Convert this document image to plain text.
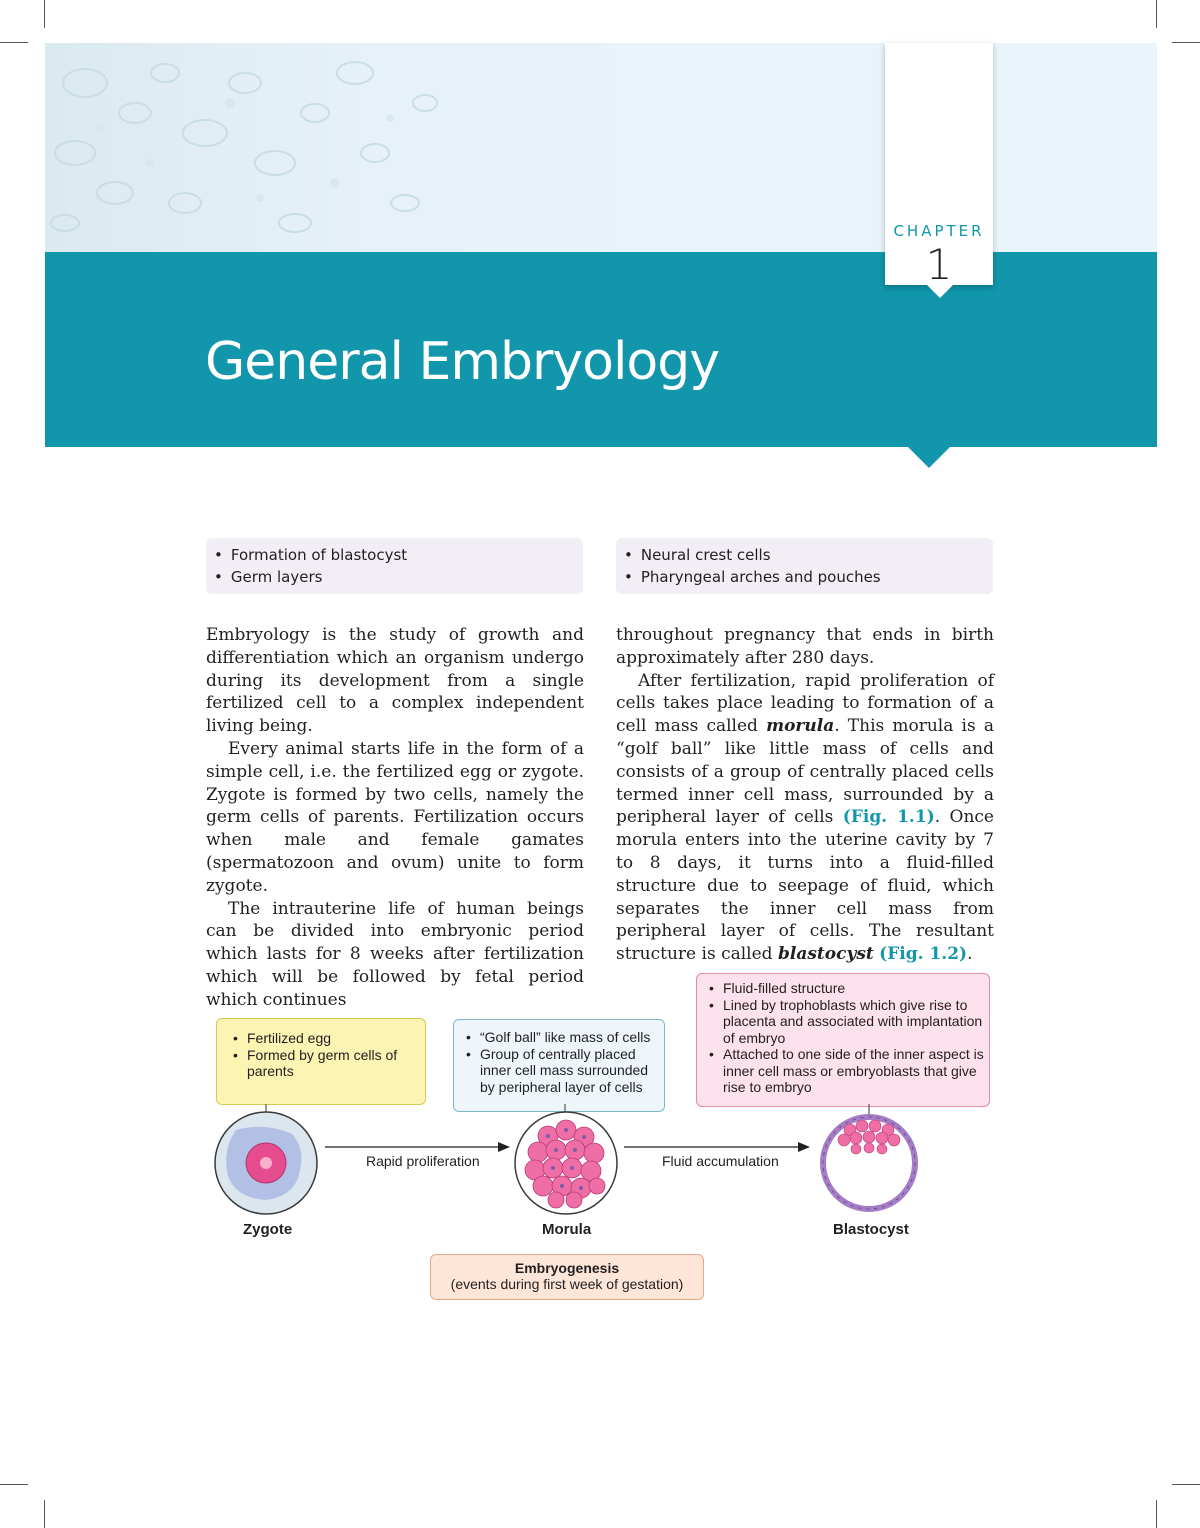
General Embryology
CHAPTER
1
• Formation of blastocyst
• Germ layers
• Neural crest cells
• Pharyngeal arches and pouches

Embryology is the study of growth and differentiation which an organism undergo during its development from a single fertilized cell to a complex independent living being.

Every animal starts life in the form of a simple cell, i.e. the fertilized egg or zygote. Zygote is formed by two cells, namely the germ cells of parents. Fertilization occurs when male and female gamates (spermatozoon and ovum) unite to form zygote.

The intrauterine life of human beings can be divided into embryonic period which lasts for 8 weeks after fertilization which will be followed by fetal period which continues

throughout pregnancy that ends in birth approximately after 280 days.

After fertilization, rapid proliferation of cells takes place leading to formation of a cell mass called morula. This morula is a “golf ball” like little mass of cells and consists of a group of centrally placed cells termed inner cell mass, surrounded by a peripheral layer of cells (Fig. 1.1). Once morula enters into the uterine cavity by 7 to 8 days, it turns into a fluid-filled structure due to seepage of fluid, which separates the inner cell mass from peripheral layer of cells. The resultant structure is called blastocyst (Fig. 1.2).

• Fertilized egg
• Formed by germ cells of parents
• “Golf ball” like mass of cells
• Group of centrally placed inner cell mass surrounded by peripheral layer of cells
• Fluid-filled structure
• Lined by trophoblasts which give rise to placenta and associated with implantation of embryo
• Attached to one side of the inner aspect is inner cell mass or embryoblasts that give rise to embryo
Rapid proliferation	Fluid accumulation
Zygote	Morula	Blastocyst
Embryogenesis
(events during first week of gestation)
